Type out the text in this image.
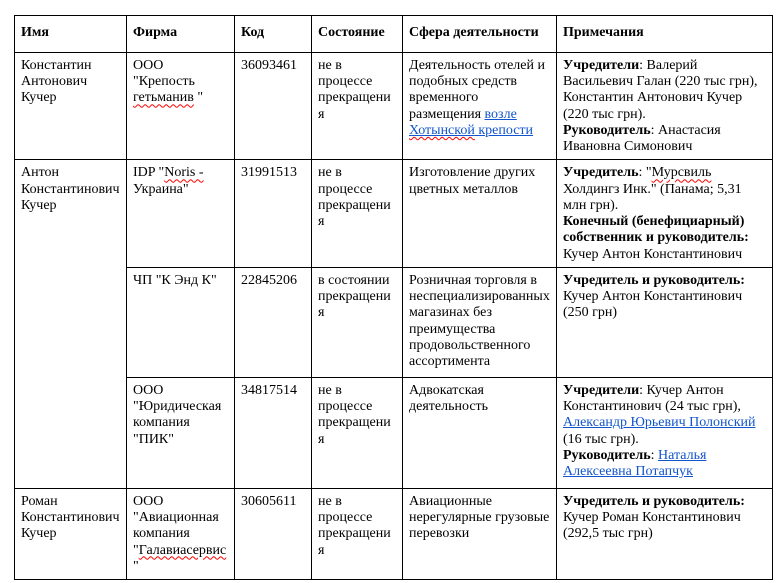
Имя	Фирма	Код	Состояние	Сфера деятельности	Примечания
Константин Антонович Кучер	ООО "Крепость гетьманив "	36093461	не в процессе прекращения	Деятельность отелей и подобных средств временного размещения возле Хотынской крепости	Учредители: Валерий Васильевич Галан (220 тыс грн), Константин Антонович Кучер (220 тыс грн).
Руководитель: Анастасия Ивановна Симонович
Антон Константинович Кучер	IDP "Noris - Украина"	31991513	не в процессе прекращения	Изготовление других цветных металлов	Учредитель: "Мурсвиль Холдингз Инк." (Панама; 5,31 млн грн).
Конечный (бенефициарный) собственник и руководитель:
Кучер Антон Константинович
	ЧП "К Энд К"	22845206	в состоянии прекращения	Розничная торговля в неспециализированных магазинах без преимущества продовольственного ассортимента	Учредитель и руководитель:
Кучер Антон Константинович (250 грн)
	ООО "Юридическая компания "ПИК"	34817514	не в процессе прекращения	Адвокатская деятельность	Учредители: Кучер Антон Константинович (24 тыс грн), Александр Юрьевич Полонский (16 тыс грн).
Руководитель: Наталья Алексеевна Потапчук
Роман Константинович Кучер	ООО "Авиационная компания "Галавиасервис"	30605611	не в процессе прекращения	Авиационные нерегулярные грузовые перевозки	Учредитель и руководитель:
Кучер Роман Константинович (292,5 тыс грн)
